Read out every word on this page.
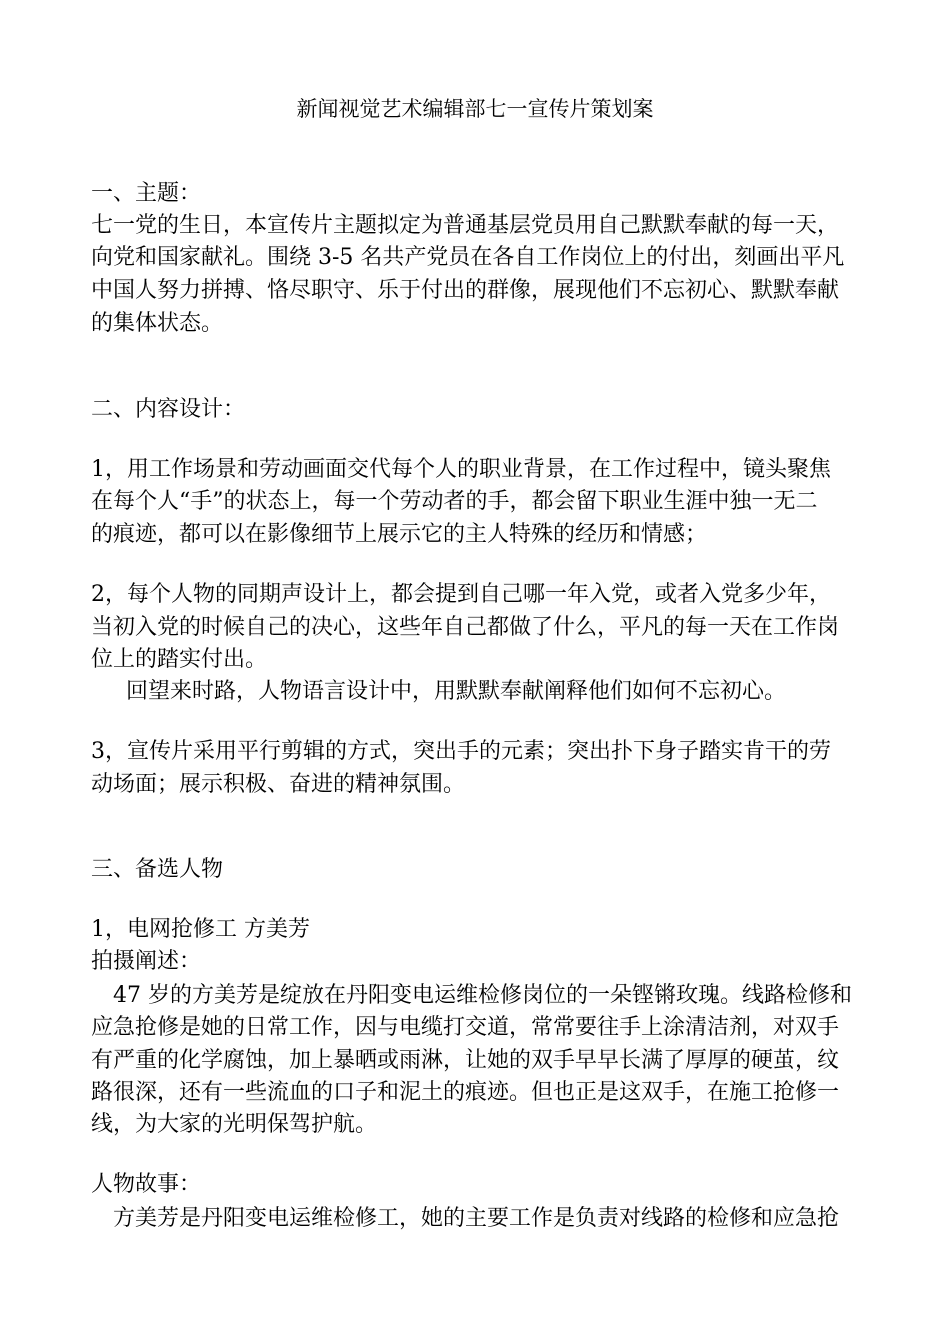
新闻视觉艺术编辑部七一宣传片策划案
一、主题：
七一党的生日，本宣传片主题拟定为普通基层党员用自己默默奉献的每一天，
向党和国家献礼。围绕 3-5 名共产党员在各自工作岗位上的付出，刻画出平凡
中国人努力拼搏、恪尽职守、乐于付出的群像，展现他们不忘初心、默默奉献
的集体状态。
二、内容设计：
1，用工作场景和劳动画面交代每个人的职业背景，在工作过程中，镜头聚焦
在每个人“手”的状态上，每一个劳动者的手，都会留下职业生涯中独一无二
的痕迹，都可以在影像细节上展示它的主人特殊的经历和情感；
2，每个人物的同期声设计上，都会提到自己哪一年入党，或者入党多少年，
当初入党的时候自己的决心，这些年自己都做了什么，平凡的每一天在工作岗
位上的踏实付出。
回望来时路，人物语言设计中，用默默奉献阐释他们如何不忘初心。
3，宣传片采用平行剪辑的方式，突出手的元素；突出扑下身子踏实肯干的劳
动场面；展示积极、奋进的精神氛围。
三、备选人物
1，电网抢修工 方美芳
拍摄阐述：
47 岁的方美芳是绽放在丹阳变电运维检修岗位的一朵铿锵玫瑰。线路检修和
应急抢修是她的日常工作，因与电缆打交道，常常要往手上涂清洁剂，对双手
有严重的化学腐蚀，加上暴晒或雨淋，让她的双手早早长满了厚厚的硬茧，纹
路很深，还有一些流血的口子和泥土的痕迹。但也正是这双手，在施工抢修一
线，为大家的光明保驾护航。
人物故事：
方美芳是丹阳变电运维检修工，她的主要工作是负责对线路的检修和应急抢
